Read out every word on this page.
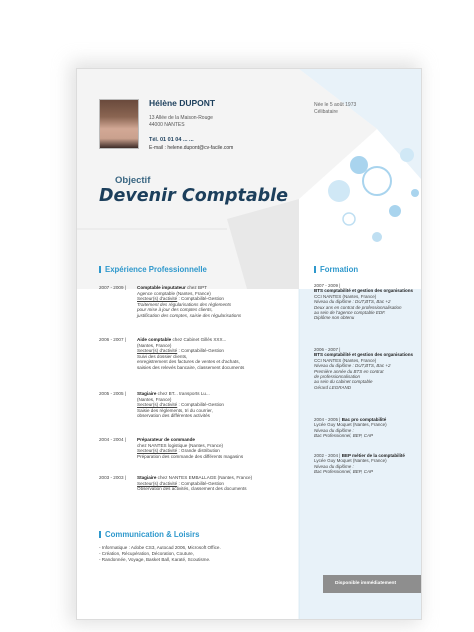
Hélène DUPONT
13 Allée de la Maison-Rouge
44000 NANTES
Tél. 01 01 04 ... ...
E-mail : helene.dupont@cv-facile.com
Née le 5 août 1973
Célibataire
Objectif
Devenir Comptable
Expérience Professionnelle
2007 - 2009 |	Comptable imputateur chez BPT
Agence comptable (Nantes, France)
Secteur(s) d'activité : Comptabilité-Gestion
Traitement des régularisations des règlements
pour mise à jour des comptes clients,
justification des comptes, saisie des régularisations
2006 - 2007 |	Aide comptable chez Cabinet Gillès XXX...
(Nantes, France)
Secteur(s) d'activité : Comptabilité-Gestion
Suivi des dossier clients,
enregistrement des factures de ventes et d'achats,
saisies des relevés bancaire, classement documents
2005 - 2005 |	Stagiaire chez BT... transports Lu...
(Nantes, France)
Secteur(s) d'activité : Comptabilité-Gestion
Saisie des règlements, tri du courrier,
observation des différentes activités
2004 - 2004 |	Préparateur de commande
chez NANTES logistique (Nantes, France)
Secteur(s) d'activité : Grande distribution
Préparation des commande des différents magasins
2003 - 2003 |	Stagiaire chez NANTES EMBALLAGE (Nantes, France)
Secteur(s) d'activité : Comptabilité-Gestion
Observation des activités, classement des documents
Communication & Loisirs
- Informatique : Adobe CS3, Autocad 2006, Microsoft Office.
- Création, Récupération, Décoration, Couture,
- Randonnée, Voyage, Basket Ball, Karaté, Scoutisme.
Formation
2007 - 2009 |
BTS comptabilité et gestion des organisations
CCI NANTES (Nantes, France)
Niveau du diplôme : DUT,BTS, Bac +2
Deux ans en contrat de professionnalisation
au sein de l'agence comptable EDF.
Diplôme non obtenu
2006 - 2007 |
BTS comptabilité et gestion des organisations
CCI NANTES (Nantes, France)
Niveau du diplôme : DUT,BTS, Bac +2
Première année du BTS en contrat
de professionnalisation
au sein du cabinet comptable
Gérard LEGRAND
2004 - 2005 | Bac pro comptabilité
Lycée Guy Moquet (Nantes, France)
Niveau du diplôme :
Bac Professionnel, BEP, CAP
2002 - 2004 | BEP métier de la comptabilité
Lycée Guy Moquet (Nantes, France)
Niveau du diplôme :
Bac Professionnel, BEP, CAP
Disponible immédiatement
